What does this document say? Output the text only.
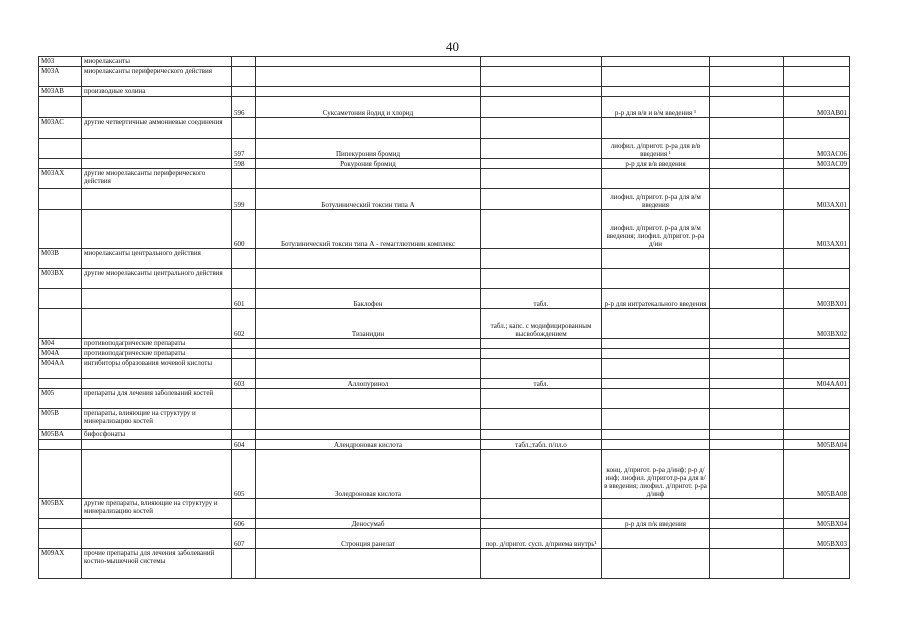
40
M03	миорелаксанты						
M03A	миорелаксанты периферического действия						
M03AB	производные холина						
		596	Суксаметония йодид и хлорид		р-р для в/в и в/м введения ¹		M03AB01
M03AC	другие четвертичные аммониевые соединения						
		597	Пипекурония бромид		лиофил. д/пригот. р-ра для в/в введения ¹		M03AC06
		598	Рокурония бромид		р-р для в/в введения		M03AC09
M03AX	другие миорелаксанты периферического действия						
		599	Ботулинический токсин типа А		лиофил. д/пригот. р-ра для в/м введения		M03AX01
		600	Ботулинический токсин типа А - гемагглютинин комплекс		лиофил. д/пригот. р-ра для в/м введения; лиофил. д/пригот. р-ра д/ин		M03AX01
M03B	миорелаксанты центрального действия						
M03BX	другие миорелаксанты центрального действия						
		601	Баклофен	табл.	р-р для интратекального введения		M03BX01
		602	Тизанидин	табл.; капс. с модифицированным высвобождением			M03BX02
M04	противоподагрические препараты						
M04A	противоподагрические препараты						
M04AA	ингибиторы образования мочевой кислоты						
		603	Аллопуринол	табл.			M04AA01
M05	препараты для лечения заболеваний костей						
M05B	препараты, влияющие на структуру и минерализацию костей						
M05BA	бифосфонаты						
		604	Алендроновая кислота	табл.;табл. п/пл.о			M05BA04
		605	Золедроновая кислота		конц. д/пригот. р-ра д/инф; р-р д/инф; лиофил. д/пригот.р-ра для в/в введения; лиофил. д/пригот. р-ра д/инф		M05BA08
M05BX	другие препараты, влияющие на структуру и минерализацию костей						
		606	Деносумаб		р-р для п/к введения		M05BX04
		607	Стронция ранелат	пор. д/пригот. сусп. д/приема внутрь¹			M05BX03
M09AX	прочие препараты для лечения заболеваний костно-мышечной системы						
